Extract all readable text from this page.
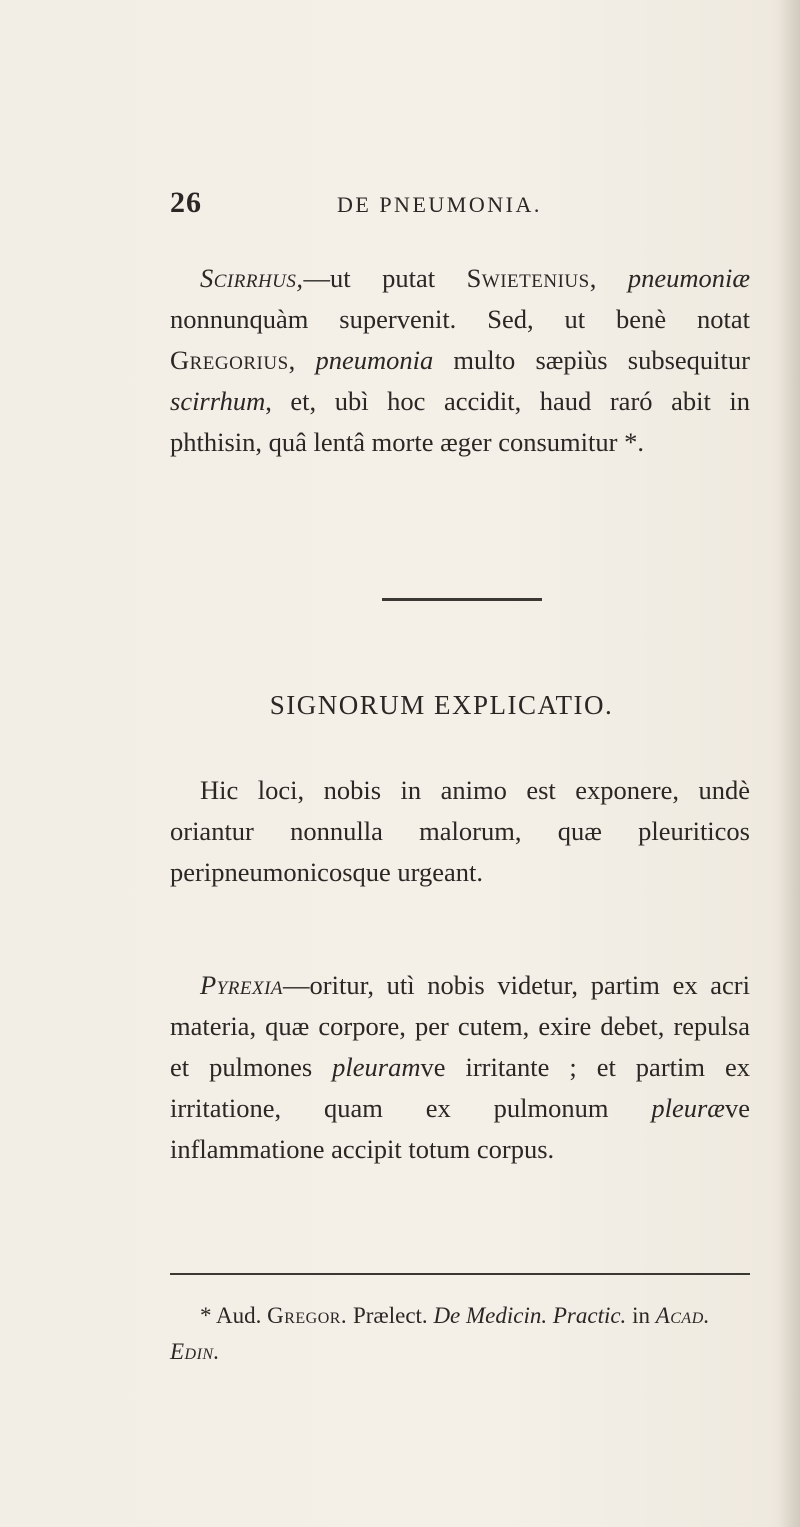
26	DE PNEUMONIA.
Scirrhus,—ut putat Swietenius, pneumoniæ nonnunquàm supervenit. Sed, ut benè notat Gregorius, pneumonia multo sæpiùs subsequitur scirrhum, et, ubì hoc accidit, haud raró abit in phthisin, quâ lentâ morte æger consumitur *.
SIGNORUM EXPLICATIO.
Hic loci, nobis in animo est exponere, undè oriantur nonnulla malorum, quæ pleuriticos peripneumonicosque urgeant.
Pyrexia—oritur, utì nobis videtur, partim ex acri materia, quæ corpore, per cutem, exire debet, repulsa et pulmones pleuramve irritante ; et partim ex irritatione, quam ex pulmonum pleuræve inflammatione accipit totum corpus.
* Aud. Gregor. Prælect. De Medicin. Practic. in Acad. Edin.
